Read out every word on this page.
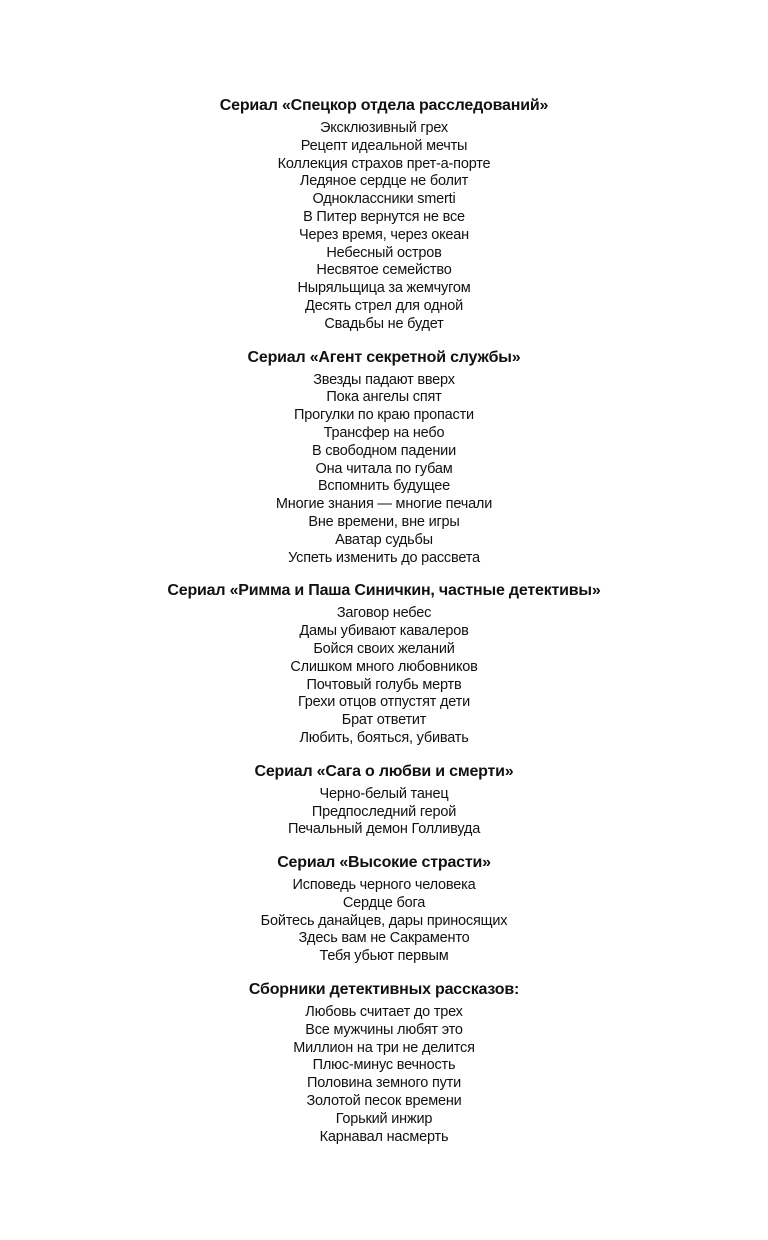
Сериал «Спецкор отдела расследований»
Эксклюзивный грех
Рецепт идеальной мечты
Коллекция страхов прет-а-порте
Ледяное сердце не болит
Одноклассники smerti
В Питер вернутся не все
Через время, через океан
Небесный остров
Несвятое семейство
Ныряльщица за жемчугом
Десять стрел для одной
Свадьбы не будет
Сериал «Агент секретной службы»
Звезды падают вверх
Пока ангелы спят
Прогулки по краю пропасти
Трансфер на небо
В свободном падении
Она читала по губам
Вспомнить будущее
Многие знания — многие печали
Вне времени, вне игры
Аватар судьбы
Успеть изменить до рассвета
Сериал «Римма и Паша Синичкин, частные детективы»
Заговор небес
Дамы убивают кавалеров
Бойся своих желаний
Слишком много любовников
Почтовый голубь мертв
Грехи отцов отпустят дети
Брат ответит
Любить, бояться, убивать
Сериал «Сага о любви и смерти»
Черно-белый танец
Предпоследний герой
Печальный демон Голливуда
Сериал «Высокие страсти»
Исповедь черного человека
Сердце бога
Бойтесь данайцев, дары приносящих
Здесь вам не Сакраменто
Тебя убьют первым
Сборники детективных рассказов:
Любовь считает до трех
Все мужчины любят это
Миллион на три не делится
Плюс-минус вечность
Половина земного пути
Золотой песок времени
Горький инжир
Карнавал насмерть
